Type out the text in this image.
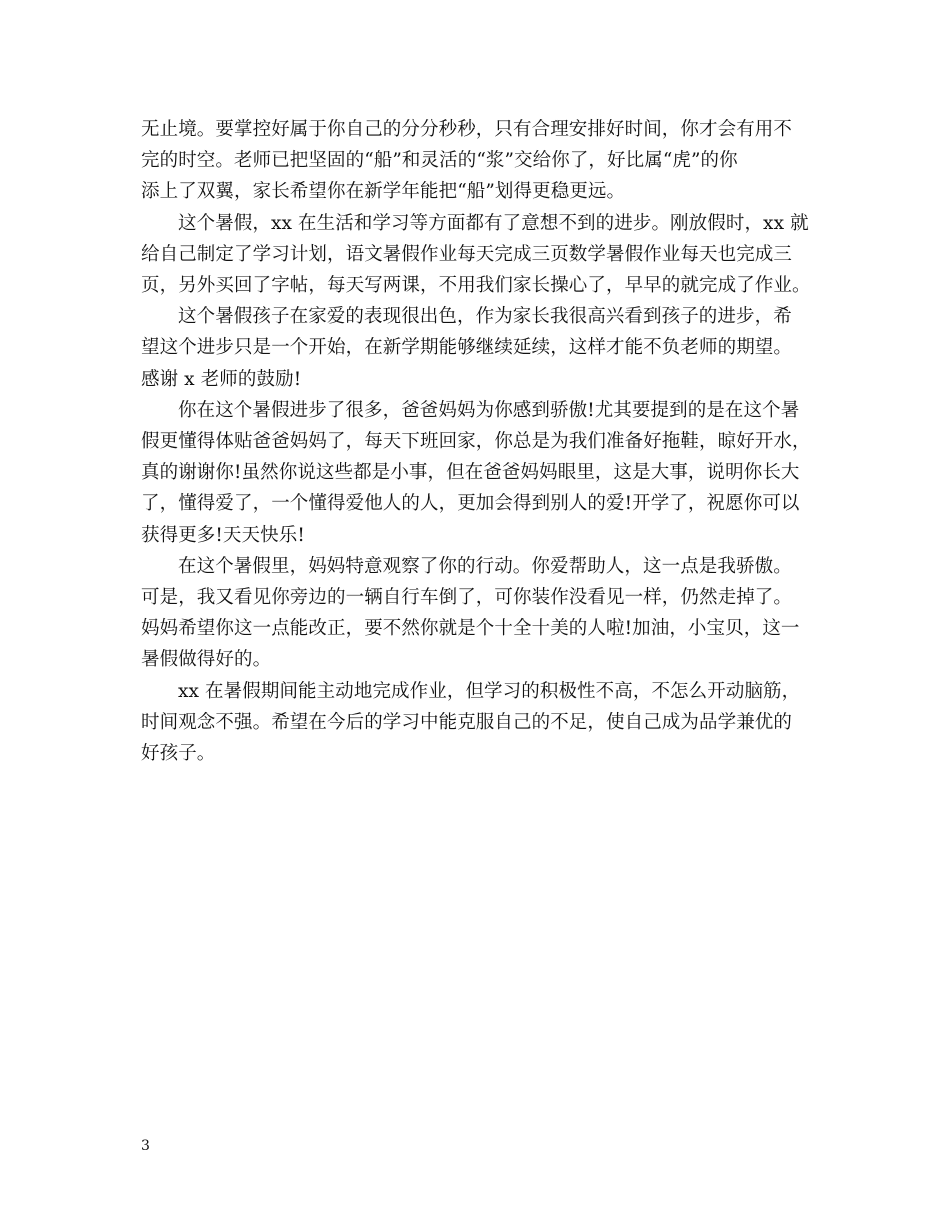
无止境。要掌控好属于你自己的分分秒秒，只有合理安排好时间，你才会有用不
完的时空。老师已把坚固的“船”和灵活的“浆”交给你了，好比属“虎”的你
添上了双翼，家长希望你在新学年能把“船”划得更稳更远。

这个暑假，xx 在生活和学习等方面都有了意想不到的进步。刚放假时，xx 就
给自己制定了学习计划，语文暑假作业每天完成三页数学暑假作业每天也完成三
页，另外买回了字帖，每天写两课，不用我们家长操心了，早早的就完成了作业。

这个暑假孩子在家爱的表现很出色，作为家长我很高兴看到孩子的进步，希
望这个进步只是一个开始，在新学期能够继续延续，这样才能不负老师的期望。
感谢 x 老师的鼓励!

你在这个暑假进步了很多，爸爸妈妈为你感到骄傲!尤其要提到的是在这个暑
假更懂得体贴爸爸妈妈了，每天下班回家，你总是为我们准备好拖鞋，晾好开水，
真的谢谢你!虽然你说这些都是小事，但在爸爸妈妈眼里，这是大事，说明你长大
了，懂得爱了，一个懂得爱他人的人，更加会得到别人的爱!开学了，祝愿你可以
获得更多!天天快乐!

在这个暑假里，妈妈特意观察了你的行动。你爱帮助人，这一点是我骄傲。
可是，我又看见你旁边的一辆自行车倒了，可你装作没看见一样，仍然走掉了。
妈妈希望你这一点能改正，要不然你就是个十全十美的人啦!加油，小宝贝，这一
暑假做得好的。

xx 在暑假期间能主动地完成作业，但学习的积极性不高，不怎么开动脑筋，
时间观念不强。希望在今后的学习中能克服自己的不足，使自己成为品学兼优的
好孩子。

3
